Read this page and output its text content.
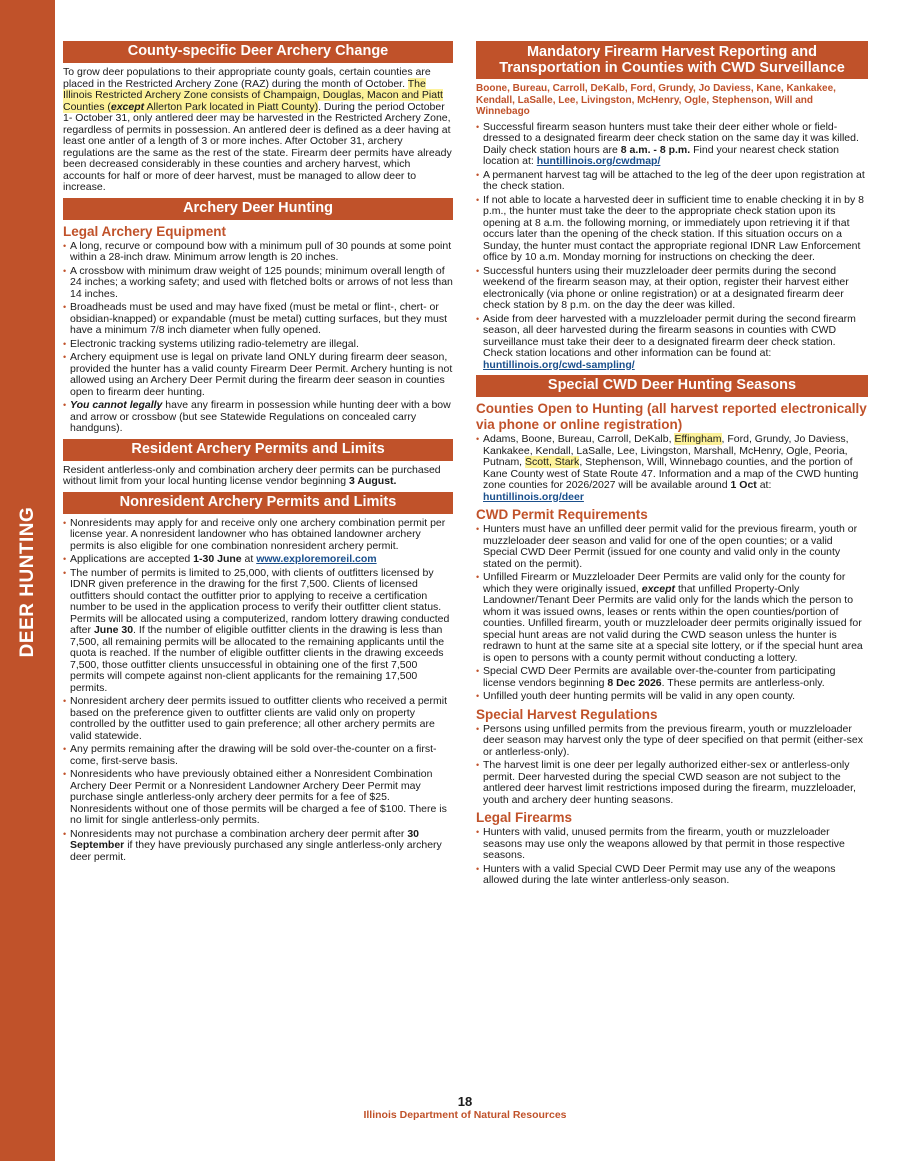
DEER HUNTING
County-specific Deer Archery Change

To grow deer populations to their appropriate county goals, certain counties are placed in the Restricted Archery Zone (RAZ) during the month of October. The Illinois Restricted Archery Zone consists of Champaign, Douglas, Macon and Piatt Counties (except Allerton Park located in Piatt County). During the period October 1- October 31, only antlered deer may be harvested in the Restricted Archery Zone, regardless of permits in possession. An antlered deer is defined as a deer having at least one antler of a length of 3 or more inches. After October 31, archery regulations are the same as the rest of the state. Firearm deer permits have already been decreased considerably in these counties and archery harvest, which accounts for half or more of deer harvest, must be managed to allow deer to increase.

Archery Deer Hunting
Legal Archery Equipment
• A long, recurve or compound bow with a minimum pull of 30 pounds at some point within a 28-inch draw. Minimum arrow length is 20 inches.
• A crossbow with minimum draw weight of 125 pounds; minimum overall length of 24 inches; a working safety; and used with fletched bolts or arrows of not less than 14 inches.
• Broadheads must be used and may have fixed (must be metal or flint-, chert- or obsidian-knapped) or expandable (must be metal) cutting surfaces, but they must have a minimum 7/8 inch diameter when fully opened.
• Electronic tracking systems utilizing radio-telemetry are illegal.
• Archery equipment use is legal on private land ONLY during firearm deer season, provided the hunter has a valid county Firearm Deer Permit. Archery hunting is not allowed using an Archery Deer Permit during the firearm deer season in counties open to firearm deer hunting.
• You cannot legally have any firearm in possession while hunting deer with a bow and arrow or crossbow (but see Statewide Regulations on concealed carry handguns).
Resident Archery Permits and Limits

Resident antlerless-only and combination archery deer permits can be purchased without limit from your local hunting license vendor beginning 3 August.

Nonresident Archery Permits and Limits
• Nonresidents may apply for and receive only one archery combination permit per license year. A nonresident landowner who has obtained landowner archery permits is also eligible for one combination nonresident archery permit.
• Applications are accepted 1-30 June at www.exploremoreil.com
• The number of permits is limited to 25,000, with clients of outfitters licensed by IDNR given preference in the drawing for the first 7,500. Clients of licensed outfitters should contact the outfitter prior to applying to receive a certification number to be used in the application process to verify their outfitter client status. Permits will be allocated using a computerized, random lottery drawing conducted after June 30. If the number of eligible outfitter clients in the drawing is less than 7,500, all remaining permits will be allocated to the remaining applicants until the quota is reached. If the number of eligible outfitter clients in the drawing exceeds 7,500, those outfitter clients unsuccessful in obtaining one of the first 7,500 permits will compete against non-client applicants for the remaining 17,500 permits.
• Nonresident archery deer permits issued to outfitter clients who received a permit based on the preference given to outfitter clients are valid only on property controlled by the outfitter used to gain preference; all other archery permits are valid statewide.
• Any permits remaining after the drawing will be sold over-the-counter on a first-come, first-serve basis.
• Nonresidents who have previously obtained either a Nonresident Combination Archery Deer Permit or a Nonresident Landowner Archery Deer Permit may purchase single antlerless-only archery deer permits for a fee of $25. Nonresidents without one of those permits will be charged a fee of $100. There is no limit for single antlerless-only permits.
• Nonresidents may not purchase a combination archery deer permit after 30 September if they have previously purchased any single antlerless-only archery deer permit.
Mandatory Firearm Harvest Reporting and Transportation in Counties with CWD Surveillance
Boone, Bureau, Carroll, DeKalb, Ford, Grundy, Jo Daviess, Kane, Kankakee, Kendall, LaSalle, Lee, Livingston, McHenry, Ogle, Stephenson, Will and Winnebago
• Successful firearm season hunters must take their deer either whole or field-dressed to a designated firearm deer check station on the same day it was killed. Daily check station hours are 8 a.m. - 8 p.m. Find your nearest check station location at: huntillinois.org/cwdmap/
• A permanent harvest tag will be attached to the leg of the deer upon registration at the check station.
• If not able to locate a harvested deer in sufficient time to enable checking it in by 8 p.m., the hunter must take the deer to the appropriate check station upon its opening at 8 a.m. the following morning, or immediately upon retrieving it if that occurs later than the opening of the check station. If this situation occurs on a Sunday, the hunter must contact the appropriate regional IDNR Law Enforcement office by 10 a.m. Monday morning for instructions on checking the deer.
• Successful hunters using their muzzleloader deer permits during the second weekend of the firearm season may, at their option, register their harvest either electronically (via phone or online registration) or at a designated firearm deer check station by 8 p.m. on the day the deer was killed.
• Aside from deer harvested with a muzzleloader permit during the second firearm season, all deer harvested during the firearm seasons in counties with CWD surveillance must take their deer to a designated firearm deer check station. Check station locations and other information can be found at: huntillinois.org/cwd-sampling/
Special CWD Deer Hunting Seasons
Counties Open to Hunting (all harvest reported electronically via phone or online registration)
• Adams, Boone, Bureau, Carroll, DeKalb, Effingham, Ford, Grundy, Jo Daviess, Kankakee, Kendall, LaSalle, Lee, Livingston, Marshall, McHenry, Ogle, Peoria, Putnam, Scott, Stark, Stephenson, Will, Winnebago counties, and the portion of Kane County west of State Route 47. Information and a map of the CWD hunting zone counties for 2026/2027 will be available around 1 Oct at: huntillinois.org/deer
CWD Permit Requirements
• Hunters must have an unfilled deer permit valid for the previous firearm, youth or muzzleloader deer season and valid for one of the open counties; or a valid Special CWD Deer Permit (issued for one county and valid only in the county stated on the permit).
• Unfilled Firearm or Muzzleloader Deer Permits are valid only for the county for which they were originally issued, except that unfilled Property-Only Landowner/Tenant Deer Permits are valid only for the lands which the person to whom it was issued owns, leases or rents within the open counties/portion of counties. Unfilled firearm, youth or muzzleloader deer permits originally issued for special hunt areas are not valid during the CWD season unless the hunter is redrawn to hunt at the same site at a special site lottery, or if the special hunt area is open to persons with a county permit without conducting a lottery.
• Special CWD Deer Permits are available over-the-counter from participating license vendors beginning 8 Dec 2026. These permits are antlerless-only.
• Unfilled youth deer hunting permits will be valid in any open county.
Special Harvest Regulations
• Persons using unfilled permits from the previous firearm, youth or muzzleloader deer season may harvest only the type of deer specified on that permit (either-sex or antlerless-only).
• The harvest limit is one deer per legally authorized either-sex or antlerless-only permit. Deer harvested during the special CWD season are not subject to the antlered deer harvest limit restrictions imposed during the firearm, muzzleloader, youth and archery deer hunting seasons.
Legal Firearms
• Hunters with valid, unused permits from the firearm, youth or muzzleloader seasons may use only the weapons allowed by that permit in those respective seasons.
• Hunters with a valid Special CWD Deer Permit may use any of the weapons allowed during the late winter antlerless-only season.
18
Illinois Department of Natural Resources
